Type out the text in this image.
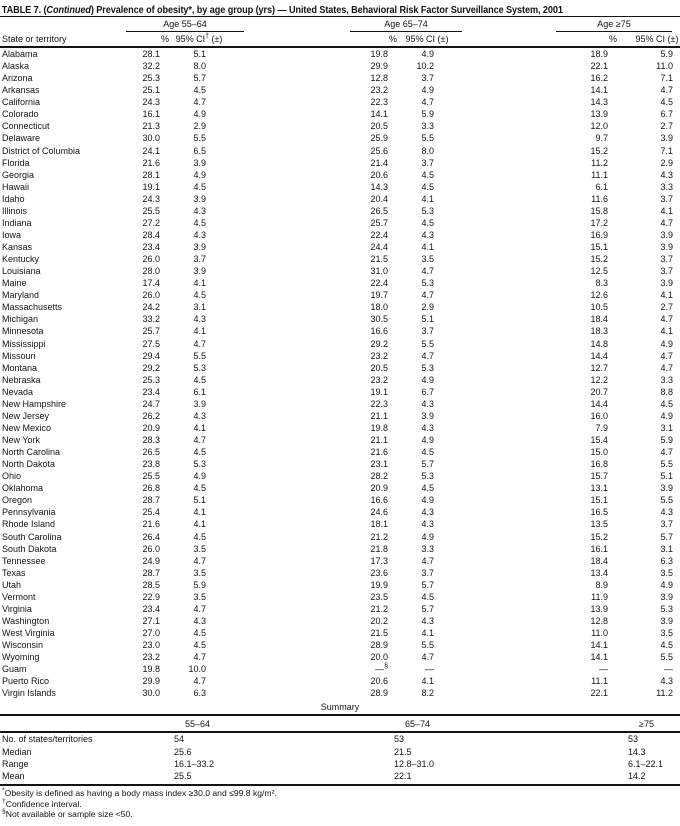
TABLE 7. (Continued) Prevalence of obesity*, by age group (yrs) — United States, Behavioral Risk Factor Surveillance System, 2001
Age 55–64	Age 65–74	Age ≥75
State or territory	% 95% CI† (±)	% 95% CI (±)	%	95% CI (±)
Alabama	28.1	5.1	19.8	4.9	18.9	5.9
Alaska	32.2	8.0	29.9	10.2	22.1	11.0
Arizona	25.3	5.7	12.8	3.7	16.2	7.1
Arkansas	25.1	4.5	23.2	4.9	14.1	4.7
California	24.3	4.7	22.3	4.7	14.3	4.5
Colorado	16.1	4.9	14.1	5.9	13.9	6.7
Connecticut	21.3	2.9	20.5	3.3	12.0	2.7
Delaware	30.0	5.5	25.9	5.5	9.7	3.9
District of Columbia	24.1	6.5	25.6	8.0	15.2	7.1
Florida	21.6	3.9	21.4	3.7	11.2	2.9
Georgia	28.1	4.9	20.6	4.5	11.1	4.3
Hawaii	19.1	4.5	14.3	4.5	6.1	3.3
Idaho	24.3	3.9	20.4	4.1	11.6	3.7
Illinois	25.5	4.3	26.5	5.3	15.8	4.1
Indiana	27.2	4.5	25.7	4.5	17.2	4.7
Iowa	28.4	4.3	22.4	4.3	16.9	3.9
Kansas	23.4	3.9	24.4	4.1	15.1	3.9
Kentucky	26.0	3.7	21.5	3.5	15.2	3.7
Louisiana	28.0	3.9	31.0	4.7	12.5	3.7
Maine	17.4	4.1	22.4	5.3	8.3	3.9
Maryland	26.0	4.5	19.7	4.7	12.6	4.1
Massachusetts	24.2	3.1	18.0	2.9	10.5	2.7
Michigan	33.2	4.3	30.5	5.1	18.4	4.7
Minnesota	25.7	4.1	16.6	3.7	18.3	4.1
Mississippi	27.5	4.7	29.2	5.5	14.8	4.9
Missouri	29.4	5.5	23.2	4.7	14.4	4.7
Montana	29.2	5.3	20.5	5.3	12.7	4.7
Nebraska	25.3	4.5	23.2	4.9	12.2	3.3
Nevada	23.4	6.1	19.1	6.7	20.7	8.8
New Hampshire	24.7	3.9	22.3	4.3	14.4	4.5
New Jersey	26.2	4.3	21.1	3.9	16.0	4.9
New Mexico	20.9	4.1	19.8	4.3	7.9	3.1
New York	28.3	4.7	21.1	4.9	15.4	5.9
North Carolina	26.5	4.5	21.6	4.5	15.0	4.7
North Dakota	23.8	5.3	23.1	5.7	16.8	5.5
Ohio	25.5	4.9	28.2	5.3	15.7	5.1
Oklahoma	26.8	4.5	20.9	4.5	13.1	3.9
Oregon	28.7	5.1	16.6	4.9	15.1	5.5
Pennsylvania	25.4	4.1	24.6	4.3	16.5	4.3
Rhode Island	21.6	4.1	18.1	4.3	13.5	3.7
South Carolina	26.4	4.5	21.2	4.9	15.2	5.7
South Dakota	26.0	3.5	21.8	3.3	16.1	3.1
Tennessee	24.9	4.7	17.3	4.7	18.4	6.3
Texas	28.7	3.5	23.6	3.7	13.4	3.5
Utah	28.5	5.9	19.9	5.7	8.9	4.9
Vermont	22.9	3.5	23.5	4.5	11.9	3.9
Virginia	23.4	4.7	21.2	5.7	13.9	5.3
Washington	27.1	4.3	20.2	4.3	12.8	3.9
West Virginia	27.0	4.5	21.5	4.1	11.0	3.5
Wisconsin	23.0	4.5	28.9	5.5	14.1	4.5
Wyoming	23.2	4.7	20.0	4.7	14.1	5.5
Guam	19.8	10.0	—§	—	—	—
Puerto Rico	29.9	4.7	20.6	4.1	11.1	4.3
Virgin Islands	30.0	6.3	28.9	8.2	22.1	11.2
Summary
55–64	65–74	≥75
No. of states/territories	54	53	53
Median	25.6	21.5	14.3
Range	16.1–33.2	12.8–31.0	6.1–22.1
Mean	25.5	22.1	14.2
*Obesity is defined as having a body mass index ≥30.0 and ≤99.8 kg/m².
†Confidence interval.
§Not available or sample size <50.
